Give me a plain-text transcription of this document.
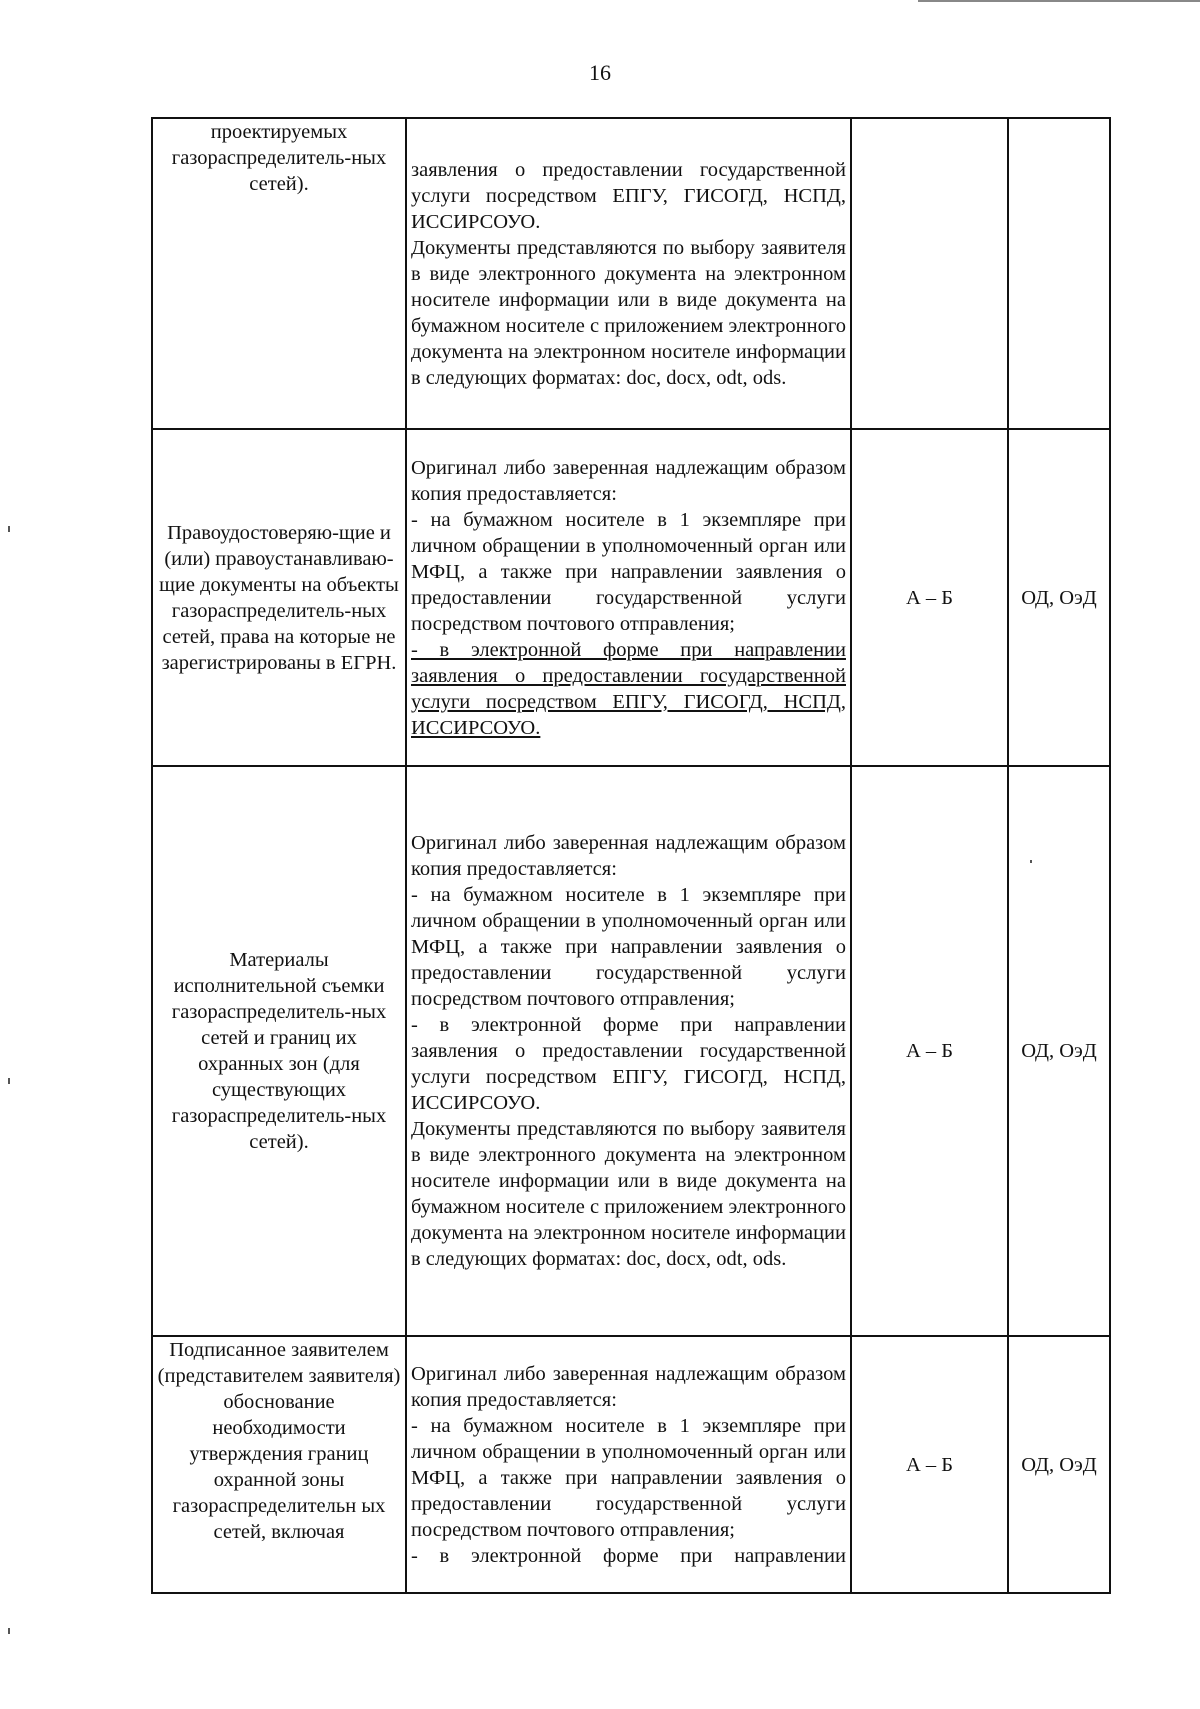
16
проектируемых газораспределитель-ных сетей).	заявления о предоставлении государственной услуги посредством ЕПГУ, ГИСОГД, НСПД, ИССИРСОУО.

Документы представляются по выбору заявителя в виде электронного документа на электронном носителе информации или в виде документа на бумажном носителе с приложением электронного документа на электронном носителе информации в следующих форматах: doc, docx, odt, ods.		

Правоудостоверяю-щие и (или) правоустанавливаю-щие документы на объекты газораспределитель-ных сетей, права на которые не зарегистрированы в ЕГРН.	Оригинал либо заверенная надлежащим образом копия предоставляется:

- на бумажном носителе в 1 экземпляре при личном обращении в уполномоченный орган или МФЦ, а также при направлении заявления о предоставлении государственной услуги посредством почтового отправления;

- в электронной форме при направлении заявления о предоставлении государственной услуги посредством ЕПГУ, ГИСОГД, НСПД, ИССИРСОУО.	А – Б	ОД, ОэД
Материалы исполнительной съемки газораспределитель-ных сетей и границ их охранных зон (для существующих газораспределитель-ных сетей).	Оригинал либо заверенная надлежащим образом копия предоставляется:

- на бумажном носителе в 1 экземпляре при личном обращении в уполномоченный орган или МФЦ, а также при направлении заявления о предоставлении государственной услуги посредством почтового отправления;

- в электронной форме при направлении заявления о предоставлении государственной услуги посредством ЕПГУ, ГИСОГД, НСПД, ИССИРСОУО.

Документы представляются по выбору заявителя в виде электронного документа на электронном носителе информации или в виде документа на бумажном носителе с приложением электронного документа на электронном носителе информации в следующих форматах: doc, docx, odt, ods.	А – Б	ОД, ОэД
Подписанное заявителем (представителем заявителя) обоснование необходимости утверждения границ охранной зоны газораспределительн ых сетей, включая	Оригинал либо заверенная надлежащим образом копия предоставляется:

- на бумажном носителе в 1 экземпляре при личном обращении в уполномоченный орган или МФЦ, а также при направлении заявления о предоставлении государственной услуги посредством почтового отправления;

- в электронной форме при направлении	А – Б	ОД, ОэД
